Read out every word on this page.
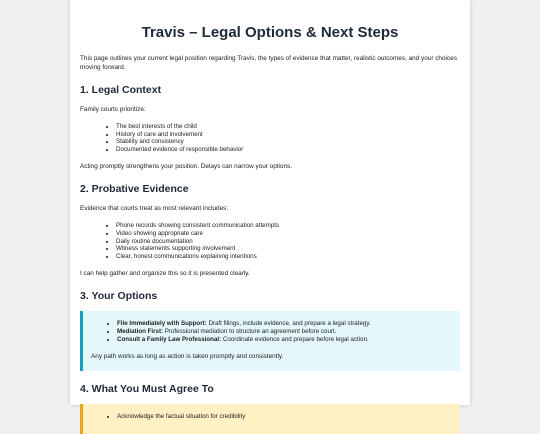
Travis – Legal Options & Next Steps

This page outlines your current legal position regarding Travis, the types of evidence that matter, realistic outcomes, and your choices moving forward.

1. Legal Context

Family courts prioritize:

• The best interests of the child
• History of care and involvement
• Stability and consistency
• Documented evidence of responsible behavior

Acting promptly strengthens your position. Delays can narrow your options.

2. Probative Evidence

Evidence that courts treat as most relevant includes:

• Phone records showing consistent communication attempts
• Video showing appropriate care
• Daily routine documentation
• Witness statements supporting involvement
• Clear, honest communications explaining intentions

I can help gather and organize this so it is presented clearly.

3. Your Options
• File Immediately with Support: Draft filings, include evidence, and prepare a legal strategy.
• Mediation First: Professional mediation to structure an agreement before court.
• Consult a Family Law Professional: Coordinate evidence and prepare before legal action.

Any path works as long as action is taken promptly and consistently.

4. What You Must Agree To
• Acknowledge the factual situation for credibility
